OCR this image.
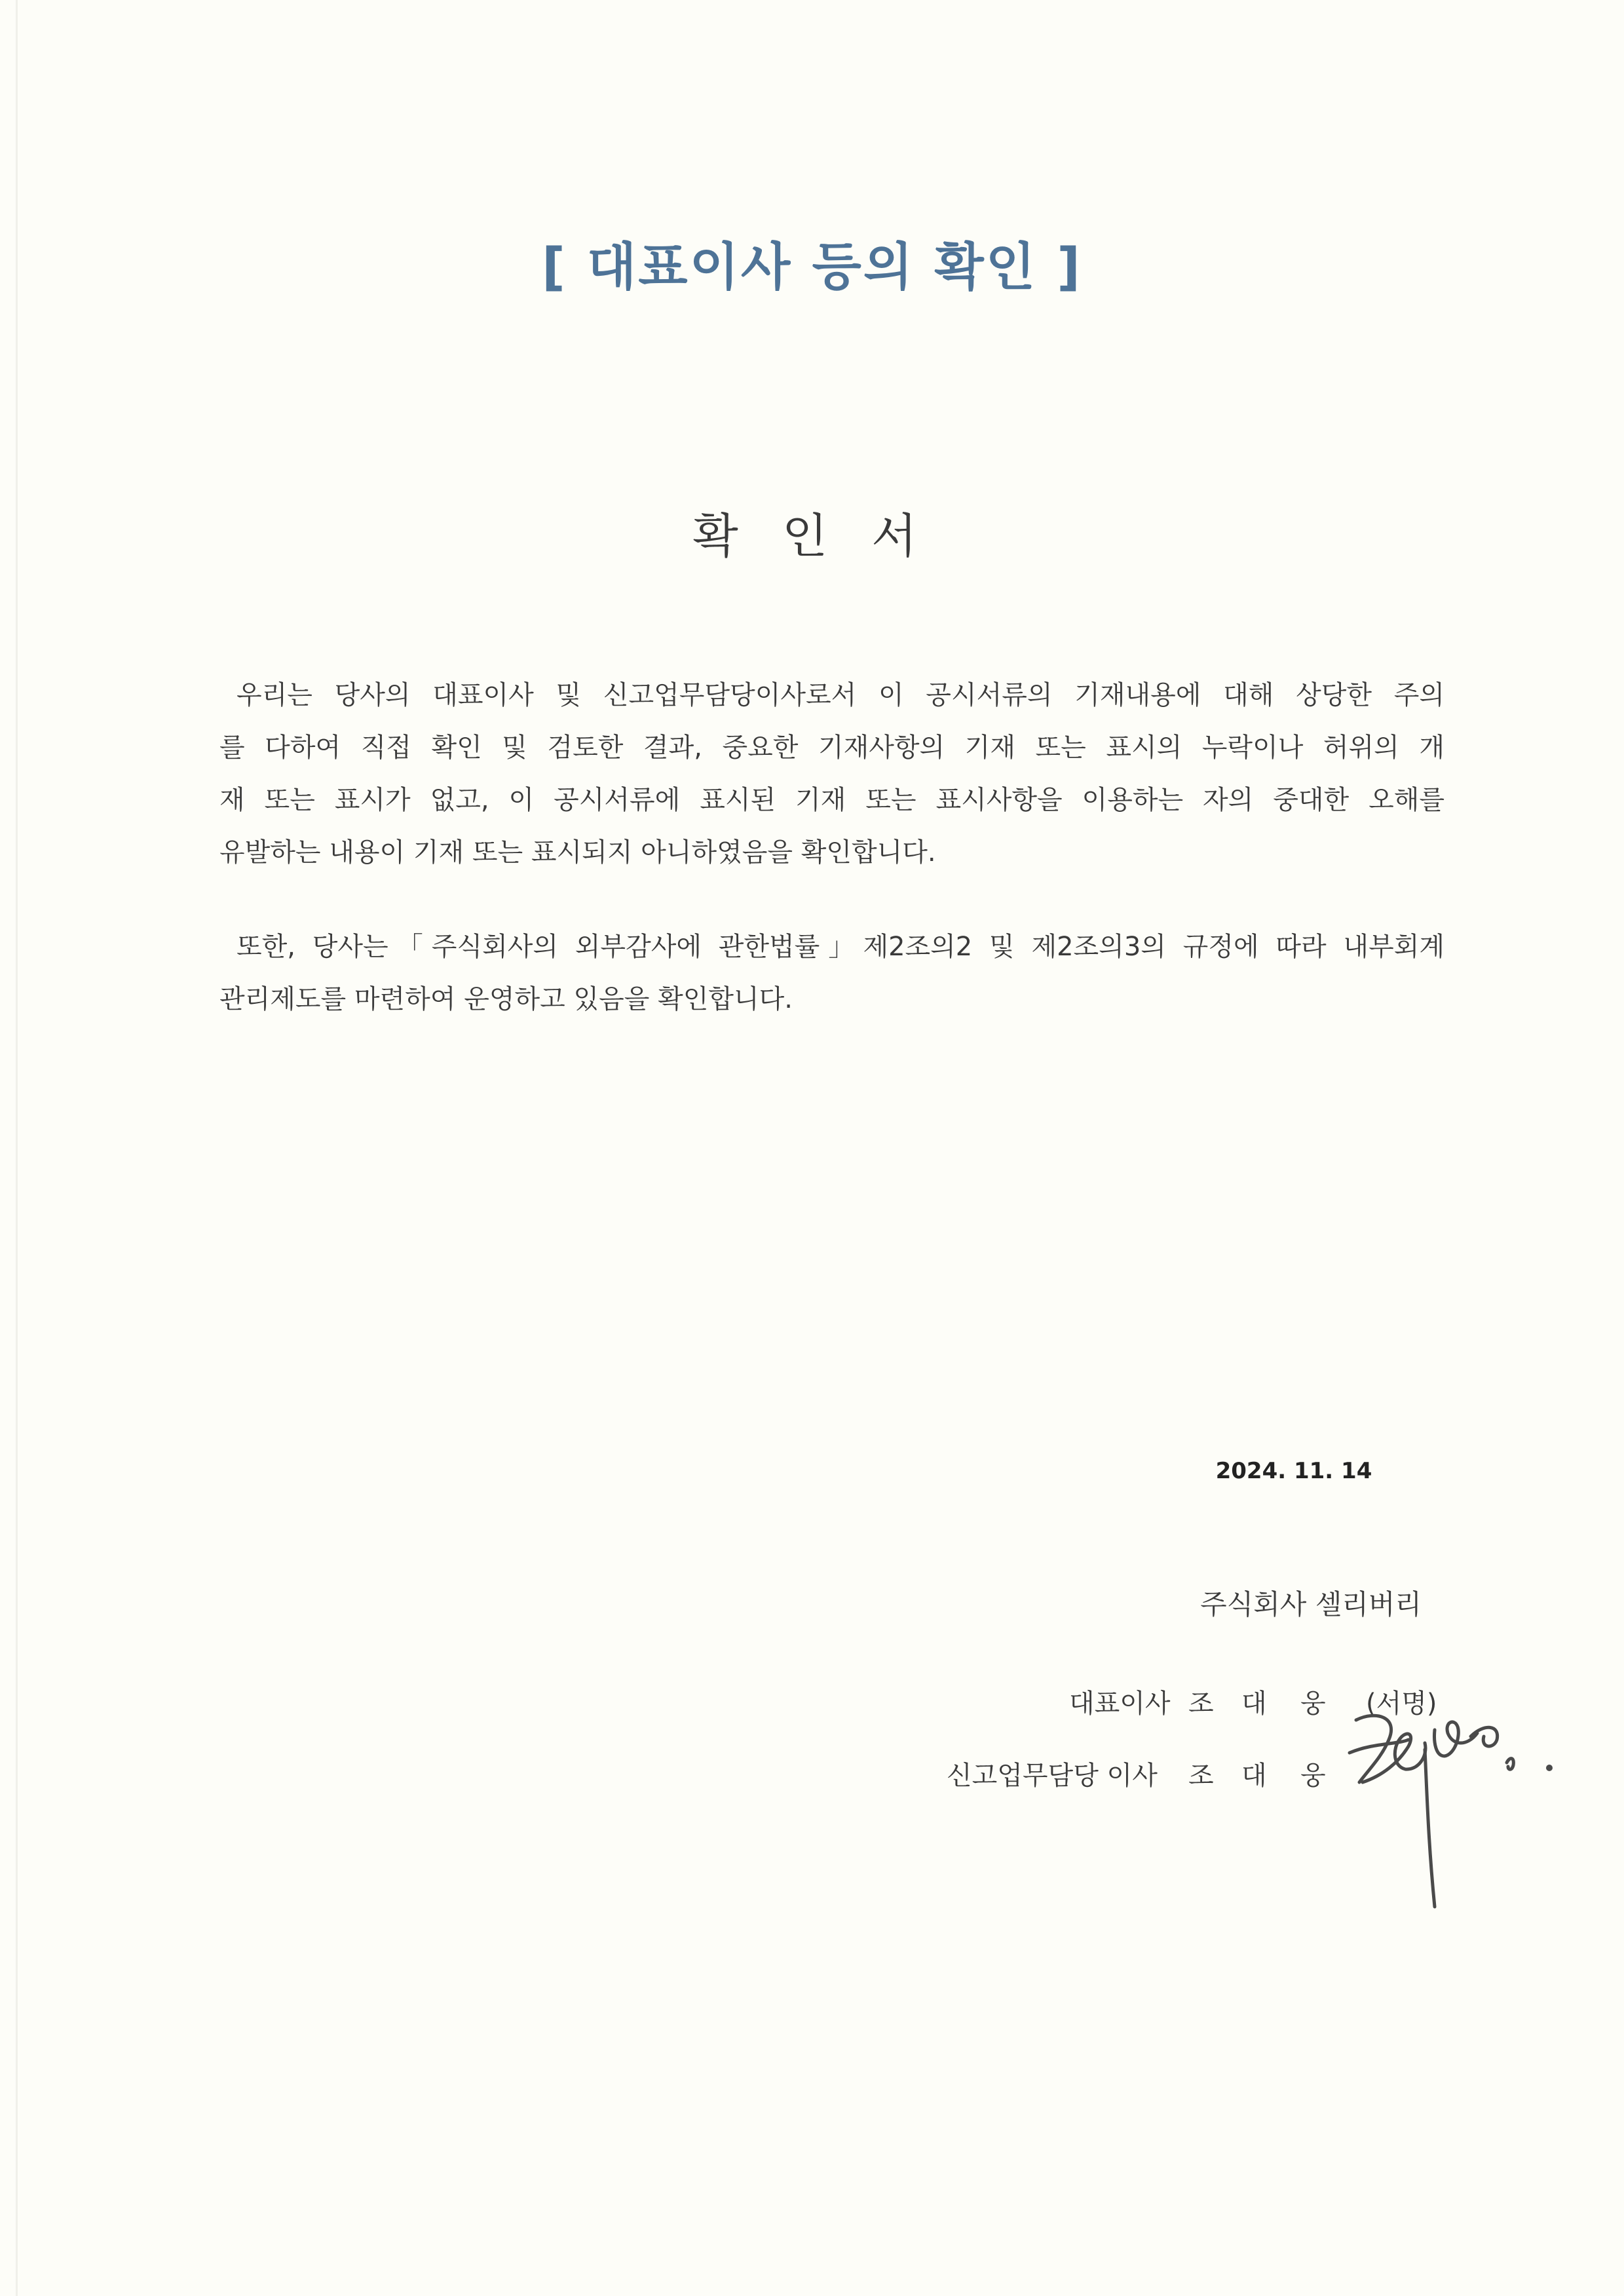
[ 대표이사 등의 확인 ]
확 인 서
우리는 당사의 대표이사 및 신고업무담당이사로서 이 공시서류의 기재내용에 대해 상당한 주의
를 다하여 직접 확인 및 검토한 결과, 중요한 기재사항의 기재 또는 표시의 누락이나 허위의 개
재 또는 표시가 없고, 이 공시서류에 표시된 기재 또는 표시사항을 이용하는 자의 중대한 오해를
유발하는 내용이 기재 또는 표시되지 아니하였음을 확인합니다.
또한, 당사는「주식회사의 외부감사에 관한법률」제2조의2 및 제2조의3의 규정에 따라 내부회계
관리제도를 마련하여 운영하고 있음을 확인합니다.
2024. 11. 14
주식회사 셀리버리
대표이사 조 대 웅 (서명)
신고업무담당 이사 조 대 웅
